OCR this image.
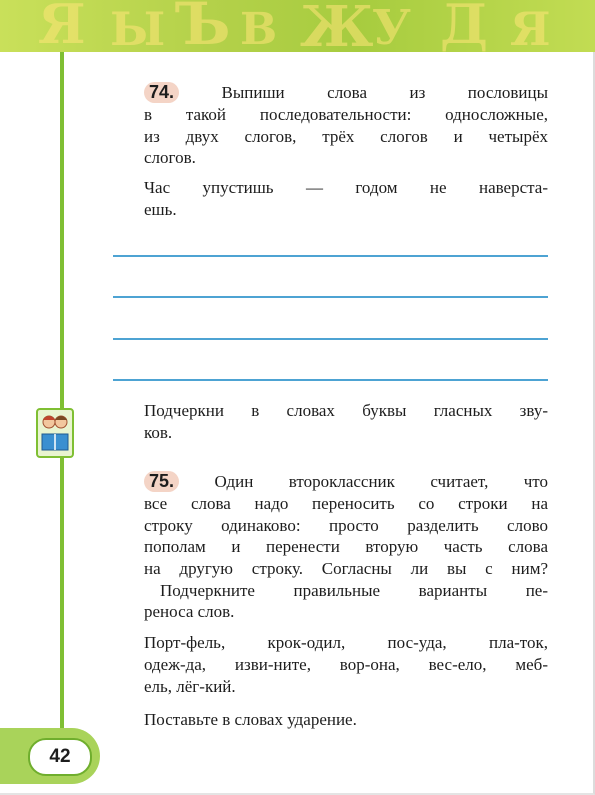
Я Ы Ъ В Ж
У Д Я
42
74.	Выпиши слова из пословицы
в такой последовательности: односложные,
из двух слогов, трёх слогов и четырёх
слогов.
Час упустишь — годом не наверста-
ешь.
Подчеркни в словах буквы гласных зву-
ков.
75. Один второклассник считает, что
все слова надо переносить со строки на
строку одинаково: просто разделить слово
пополам и перенести вторую часть слова
на другую строку. Согласны ли вы с ним?
Подчеркните правильные варианты пе-
реноса слов.
Порт-фель, крок-одил, пос-уда, пла-ток,
одеж-да, изви-ните, вор-она, вес-ело, меб-
ель, лёг-кий.
Поставьте в словах ударение.
